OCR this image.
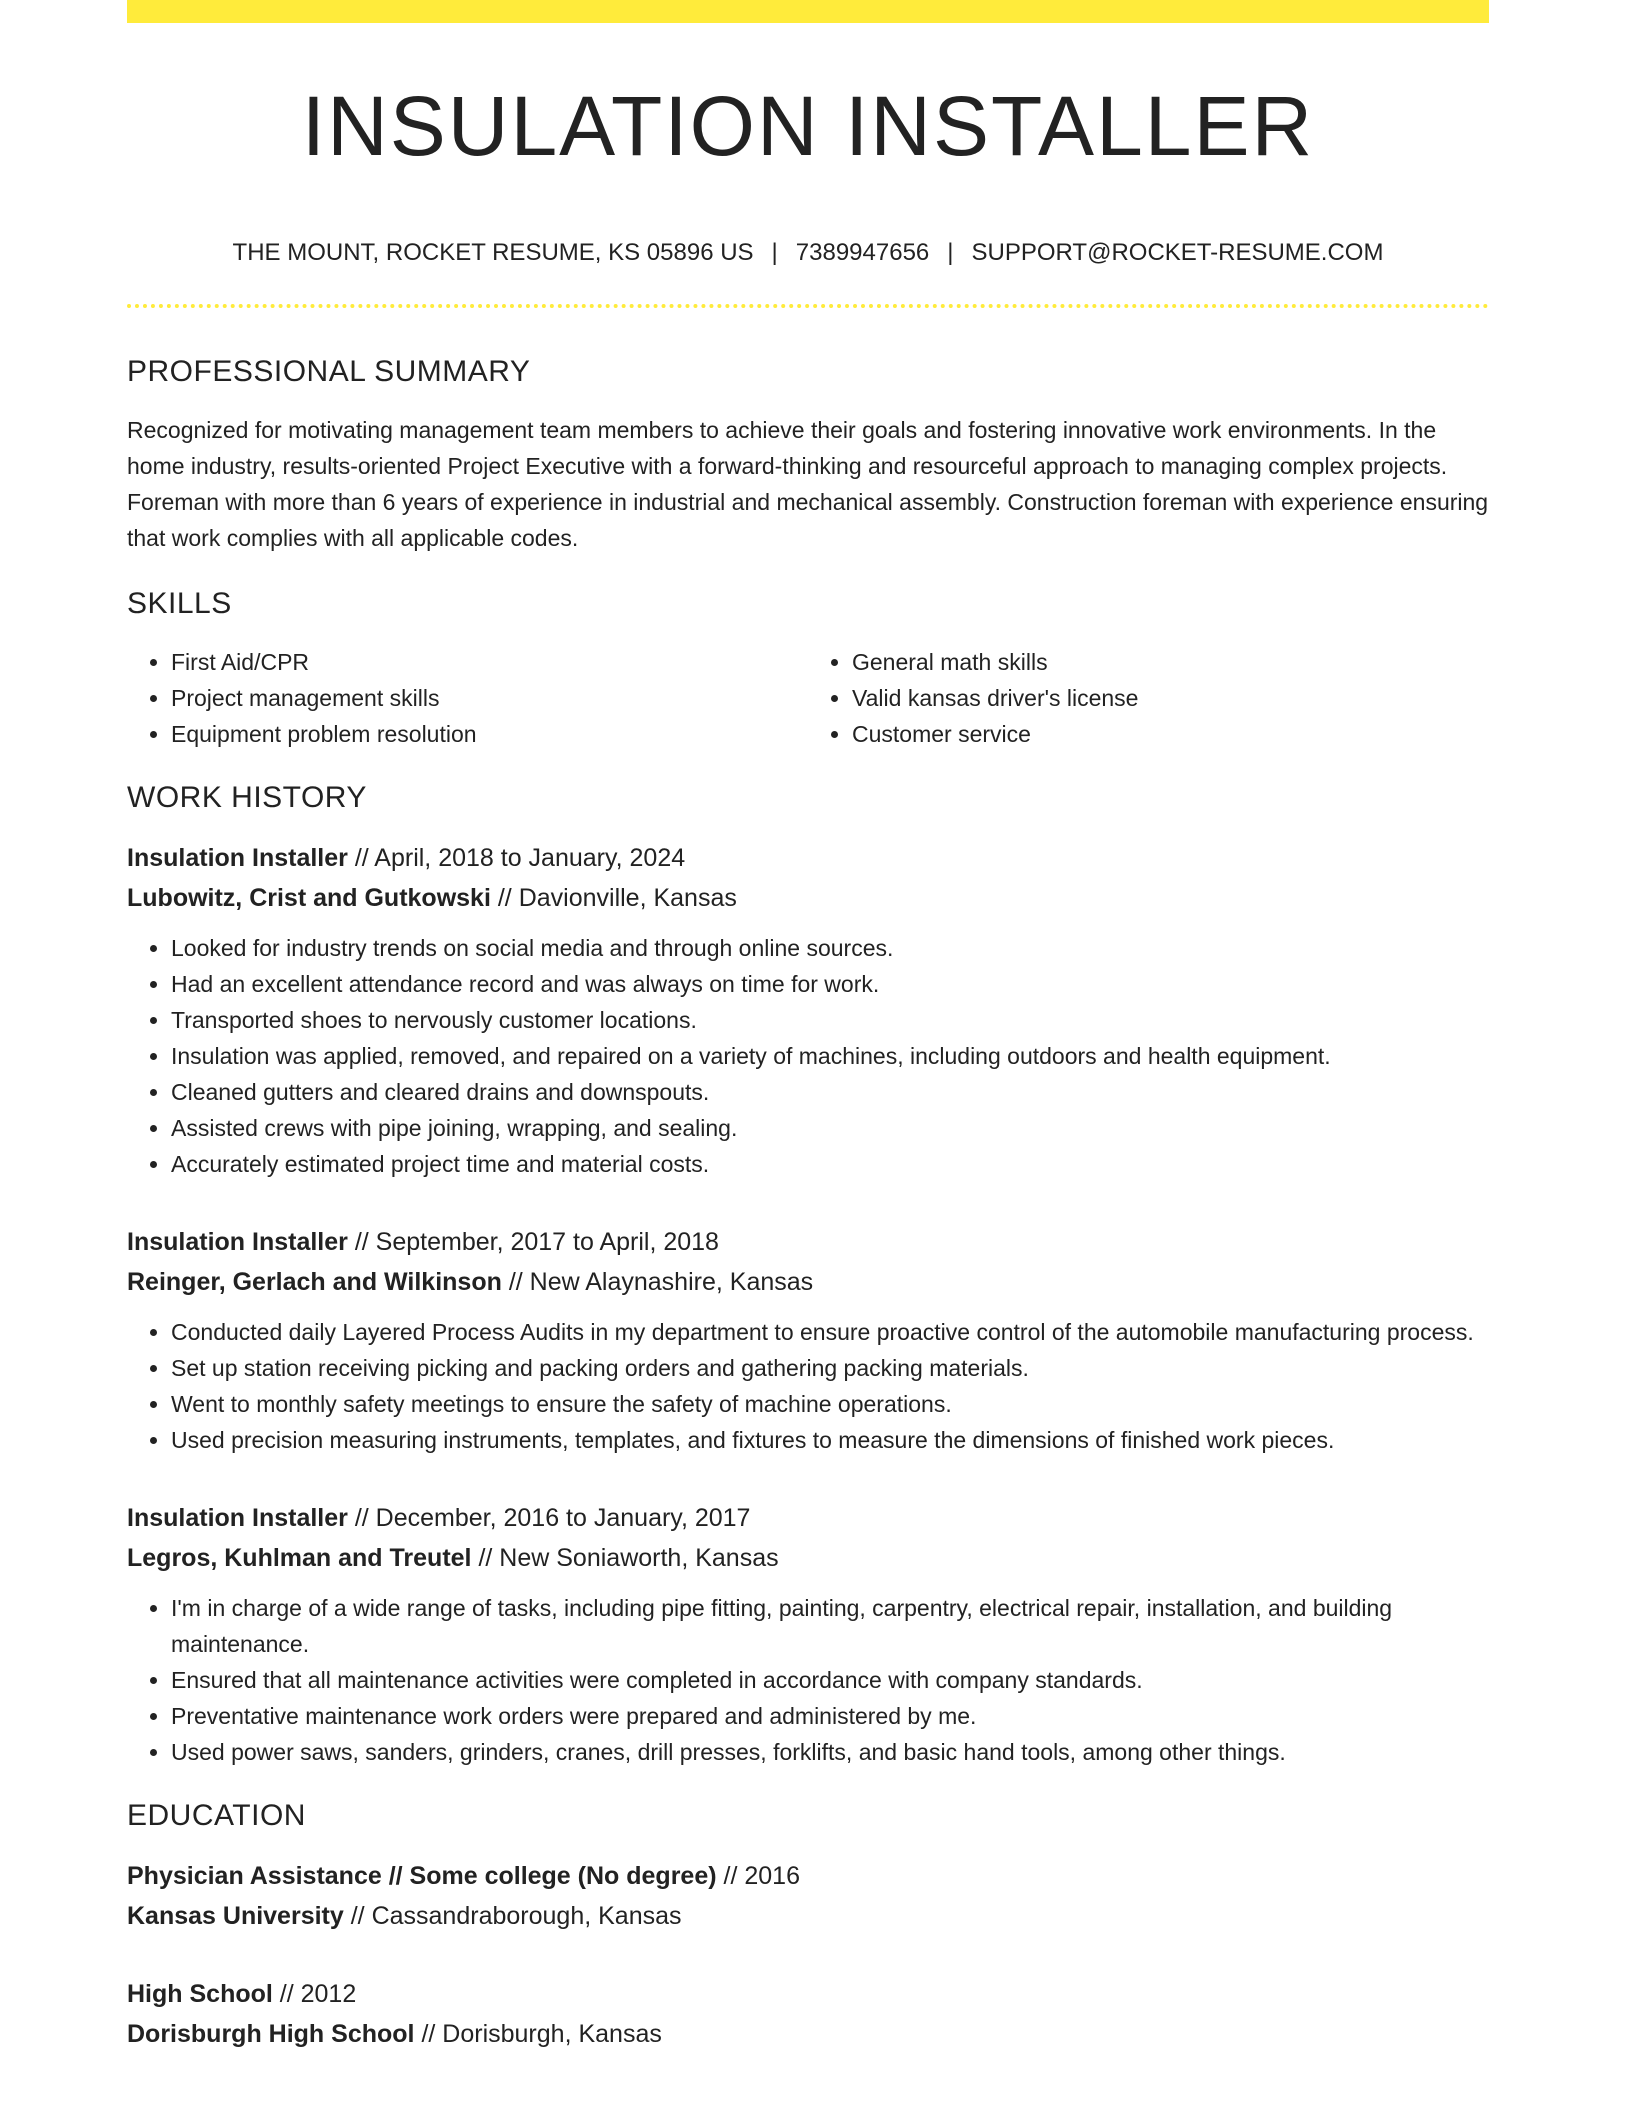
INSULATION INSTALLER
THE MOUNT, ROCKET RESUME, KS 05896 US | 7389947656 | SUPPORT@ROCKET-RESUME.COM
PROFESSIONAL SUMMARY

Recognized for motivating management team members to achieve their goals and fostering innovative work environments. In the home industry, results-oriented Project Executive with a forward-thinking and resourceful approach to managing complex projects. Foreman with more than 6 years of experience in industrial and mechanical assembly. Construction foreman with experience ensuring that work complies with all applicable codes.

SKILLS
• First Aid/CPR
• Project management skills
• Equipment problem resolution
• General math skills
• Valid kansas driver's license
• Customer service
WORK HISTORY
Insulation Installer // April, 2018 to January, 2024
Lubowitz, Crist and Gutkowski // Davionville, Kansas
• Looked for industry trends on social media and through online sources.
• Had an excellent attendance record and was always on time for work.
• Transported shoes to nervously customer locations.
• Insulation was applied, removed, and repaired on a variety of machines, including outdoors and health equipment.
• Cleaned gutters and cleared drains and downspouts.
• Assisted crews with pipe joining, wrapping, and sealing.
• Accurately estimated project time and material costs.
Insulation Installer // September, 2017 to April, 2018
Reinger, Gerlach and Wilkinson // New Alaynashire, Kansas
• Conducted daily Layered Process Audits in my department to ensure proactive control of the automobile manufacturing process.
• Set up station receiving picking and packing orders and gathering packing materials.
• Went to monthly safety meetings to ensure the safety of machine operations.
• Used precision measuring instruments, templates, and fixtures to measure the dimensions of finished work pieces.
Insulation Installer // December, 2016 to January, 2017
Legros, Kuhlman and Treutel // New Soniaworth, Kansas
• I'm in charge of a wide range of tasks, including pipe fitting, painting, carpentry, electrical repair, installation, and building maintenance.
• Ensured that all maintenance activities were completed in accordance with company standards.
• Preventative maintenance work orders were prepared and administered by me.
• Used power saws, sanders, grinders, cranes, drill presses, forklifts, and basic hand tools, among other things.
EDUCATION
Physician Assistance // Some college (No degree) // 2016
Kansas University // Cassandraborough, Kansas
High School // 2012
Dorisburgh High School // Dorisburgh, Kansas
